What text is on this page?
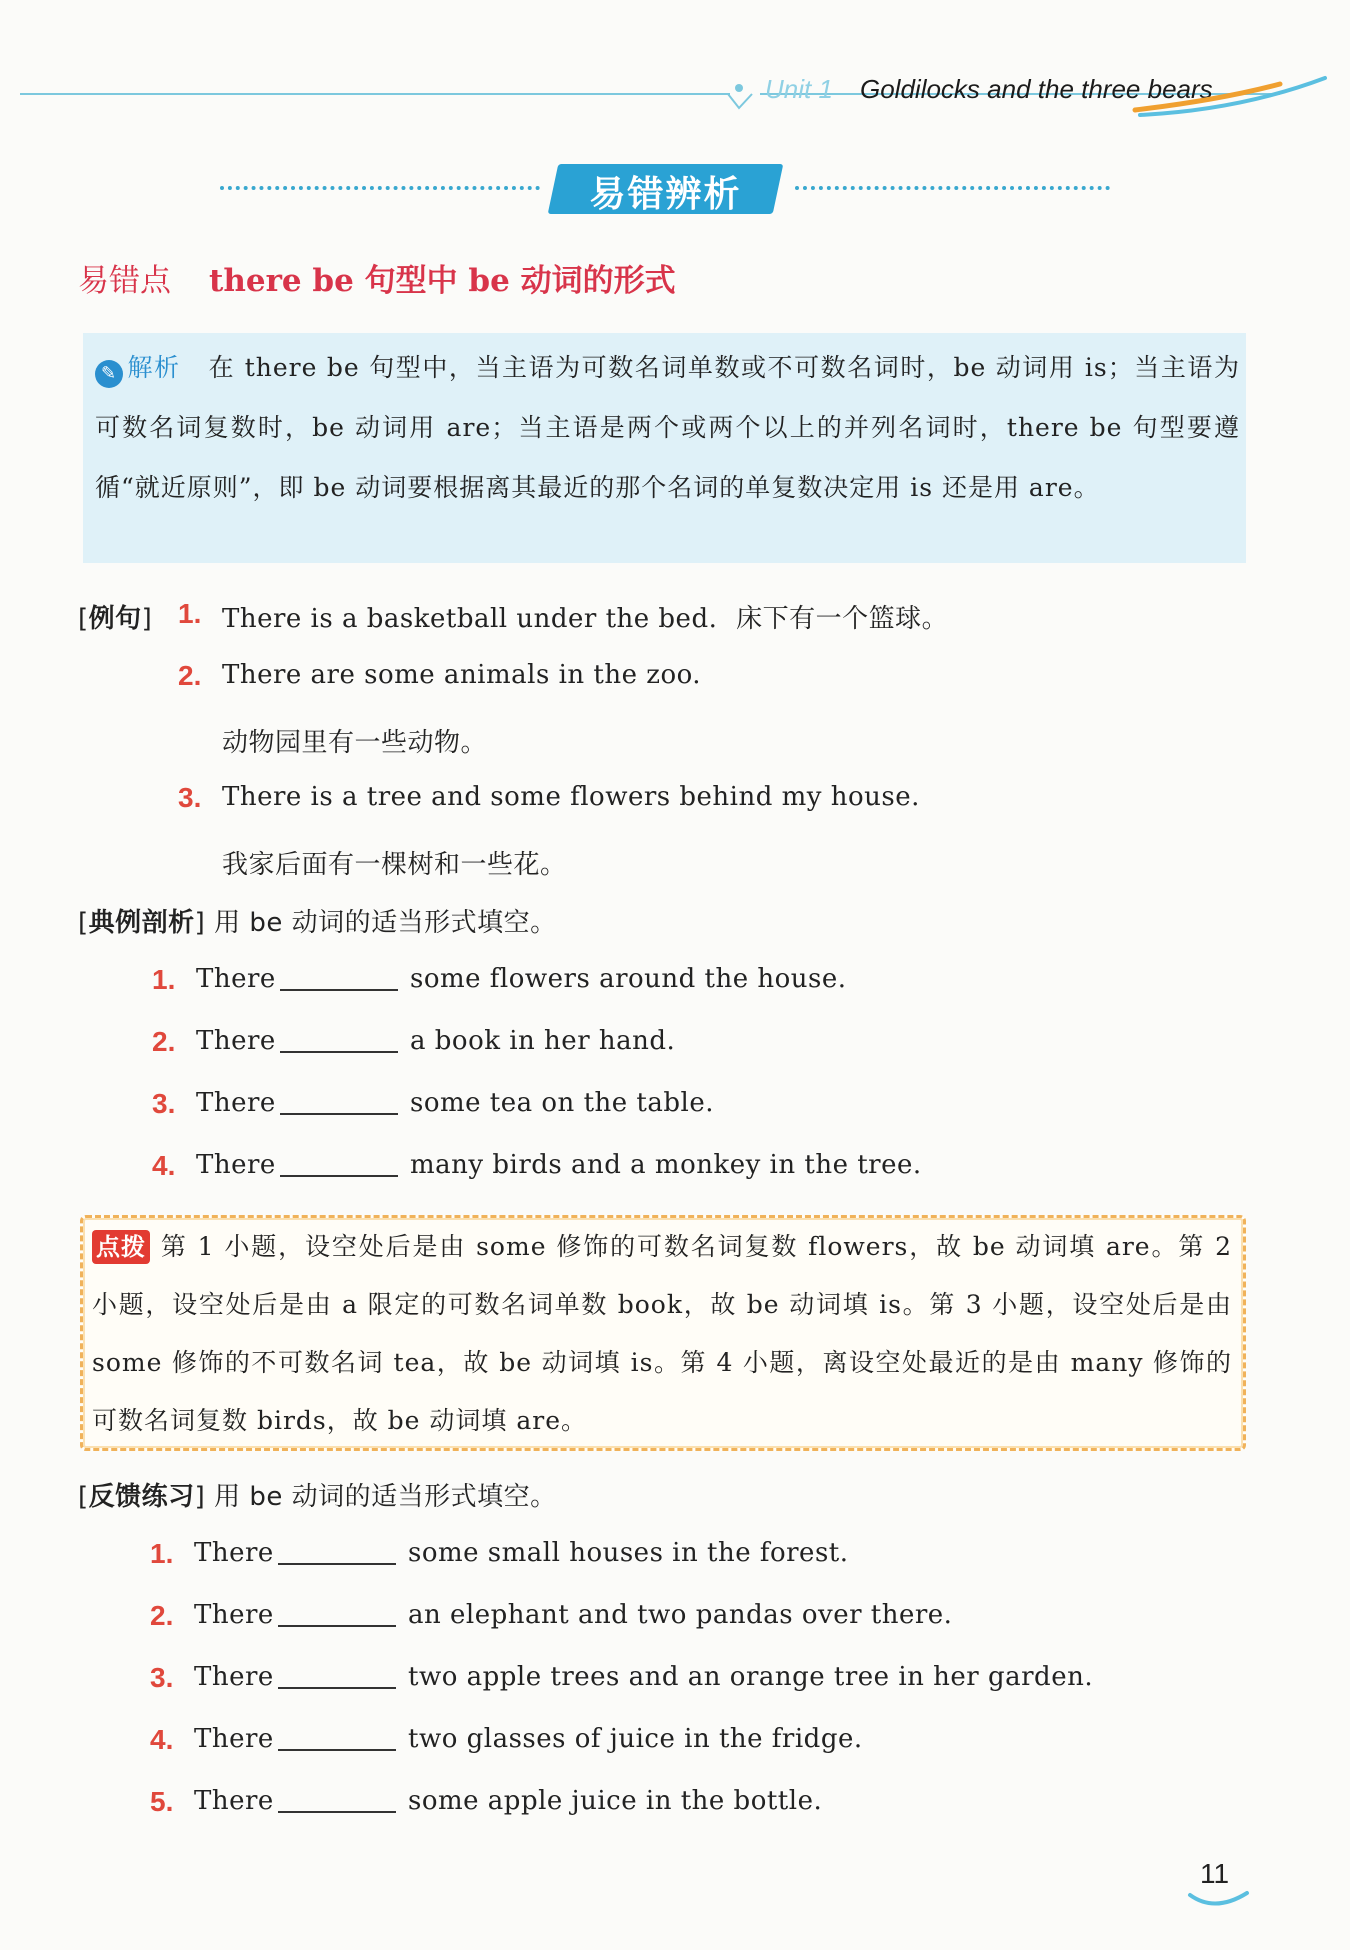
Unit 1 Goldilocks and the three bears
易错辨析
易错点 there be 句型中 be 动词的形式
✎ 解析 在 there be 句型中，当主语为可数名词单数或不可数名词时，be 动词用 is；当主语为可数名词复数时，be 动词用 are；当主语是两个或两个以上的并列名词时，there be 句型要遵循“就近原则”，即 be 动词要根据离其最近的那个名词的单复数决定用 is 还是用 are。
[例句] 1. There is a basketball under the bed. 床下有一个篮球。
2. There are some animals in the zoo.
动物园里有一些动物。
3. There is a tree and some flowers behind my house.
我家后面有一棵树和一些花。
[典例剖析] 用 be 动词的适当形式填空。
1. There	some flowers around the house.
2. There	a book in her hand.
3. There	some tea on the table.
4. There	many birds and a monkey in the tree.
点拨 第 1 小题，设空处后是由 some 修饰的可数名词复数 flowers，故 be 动词填 are。第 2 小题，设空处后是由 a 限定的可数名词单数 book，故 be 动词填 is。第 3 小题，设空处后是由 some 修饰的不可数名词 tea，故 be 动词填 is。第 4 小题，离设空处最近的是由 many 修饰的可数名词复数 birds，故 be 动词填 are。
[反馈练习] 用 be 动词的适当形式填空。
1. There	some small houses in the forest.
2. There	an elephant and two pandas over there.
3. There	two apple trees and an orange tree in her garden.
4. There	two glasses of juice in the fridge.
5. There	some apple juice in the bottle.
11
